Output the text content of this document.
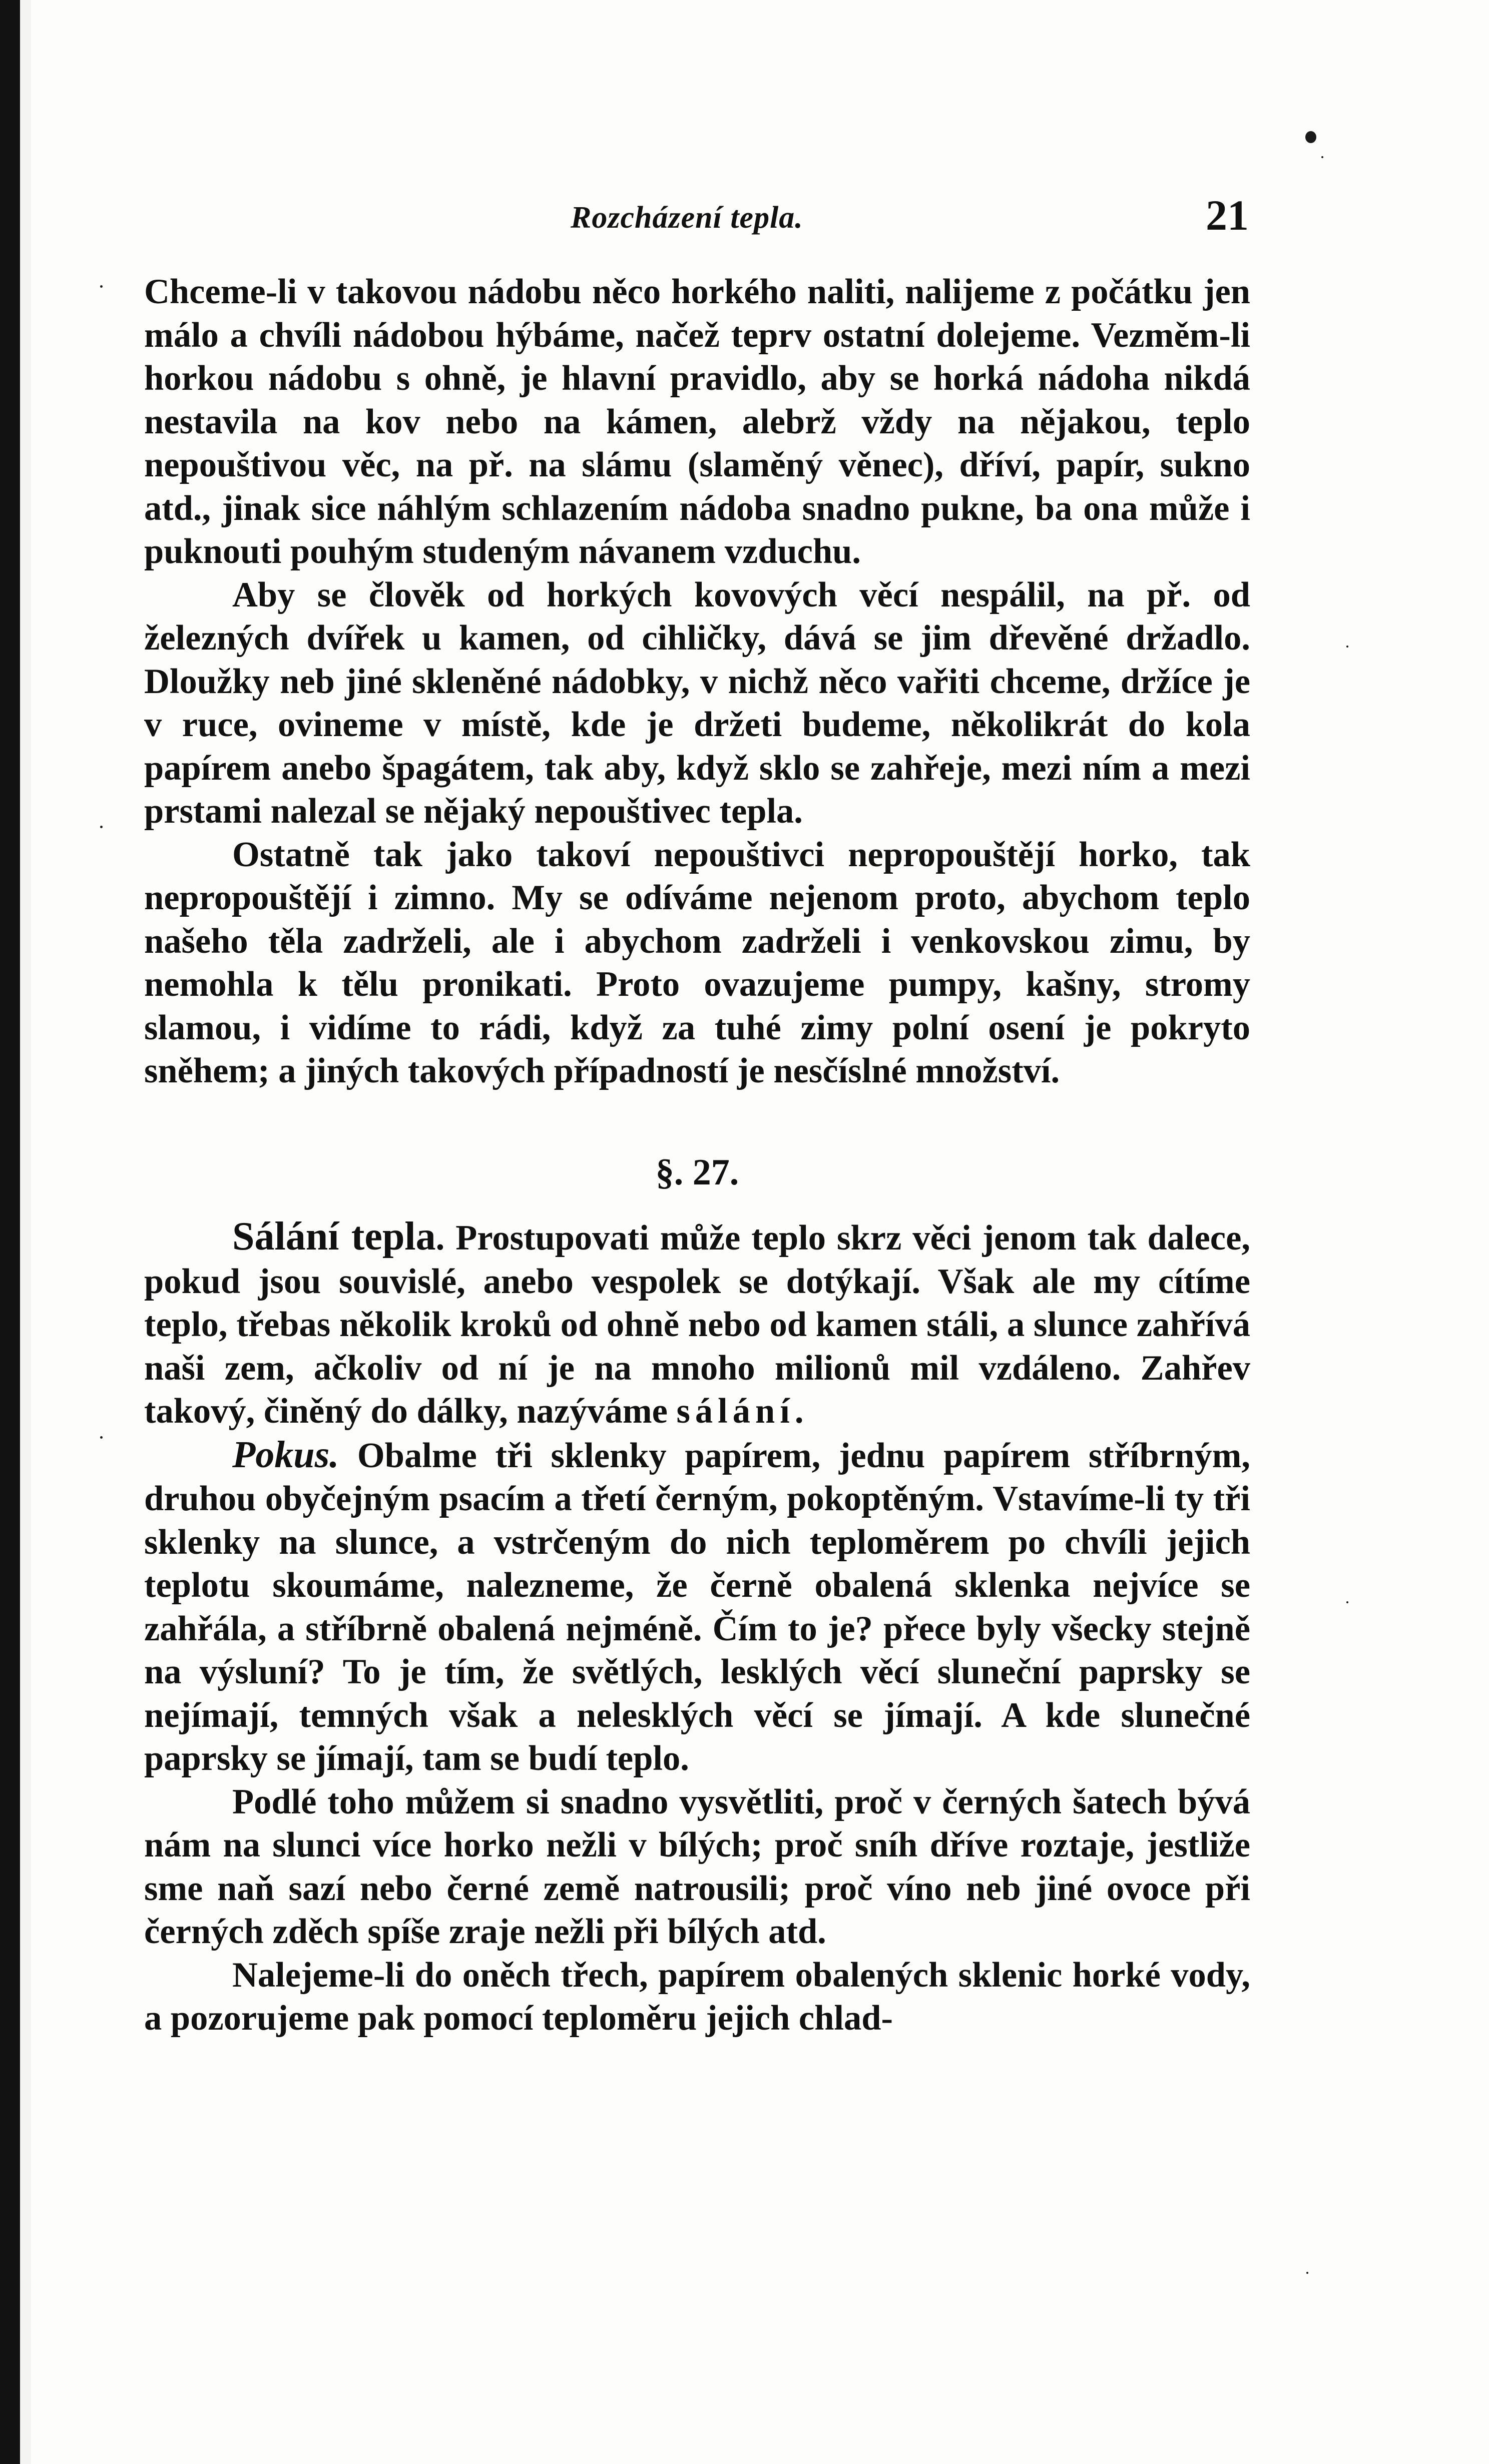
Rozcházení tepla.	21

Chceme-li v takovou nádobu něco horkého naliti, nalijeme z počátku jen málo a chvíli nádobou hýbáme, načež teprv ostatní dolejeme. Vezměm-li horkou nádobu s ohně, je hlavní pravidlo, aby se horká nádoha nikdá nestavila na kov nebo na kámen, alebrž vždy na nějakou, teplo nepouštivou věc, na př. na slámu (slaměný věnec), dříví, papír, sukno atd., jinak sice náhlým schlazením nádoba snadno pukne, ba ona může i puknouti pouhým studeným návanem vzduchu.

Aby se člověk od horkých kovových věcí nespálil, na př. od železných dvířek u kamen, od cihličky, dává se jim dřevěné držadlo. Dloužky neb jiné skleněné nádobky, v nichž něco vařiti chceme, držíce je v ruce, ovineme v místě, kde je držeti budeme, několikrát do kola papírem anebo špagátem, tak aby, když sklo se zahřeje, mezi ním a mezi prstami nalezal se nějaký nepouštivec tepla.

Ostatně tak jako takoví nepouštivci nepropouštějí horko, tak nepropouštějí i zimno. My se odíváme nejenom proto, abychom teplo našeho těla zadrželi, ale i abychom zadrželi i venkovskou zimu, by nemohla k tělu pronikati. Proto ovazujeme pumpy, kašny, stromy slamou, i vidíme to rádi, když za tuhé zimy polní osení je pokryto sněhem; a jiných takových případností je nesčíslné množství.

§. 27.

Sálání tepla. Prostupovati může teplo skrz věci jenom tak dalece, pokud jsou souvislé, anebo vespolek se dotýkají. Však ale my cítíme teplo, třebas několik kroků od ohně nebo od kamen stáli, a slunce zahřívá naši zem, ačkoliv od ní je na mnoho milionů mil vzdáleno. Zahřev takový, činěný do dálky, nazýváme sálání.

Pokus. Obalme tři sklenky papírem, jednu papírem stříbrným, druhou obyčejným psacím a třetí černým, pokoptěným. Vstavíme-li ty tři sklenky na slunce, a vstrčeným do nich teploměrem po chvíli jejich teplotu skoumáme, nalezneme, že černě obalená sklenka nejvíce se zahřála, a stříbrně obalená nejméně. Čím to je? přece byly všecky stejně na výsluní? To je tím, že světlých, lesklých věcí sluneční paprsky se nejímají, temných však a nelesklých věcí se jímají. A kde slunečné paprsky se jímají, tam se budí teplo.

Podlé toho můžem si snadno vysvětliti, proč v černých šatech bývá nám na slunci více horko nežli v bílých; proč sníh dříve roztaje, jestliže sme naň sazí nebo černé země natrousili; proč víno neb jiné ovoce při černých zděch spíše zraje nežli při bílých atd.

Nalejeme-li do oněch třech, papírem obalených sklenic horké vody, a pozorujeme pak pomocí teploměru jejich chlad-
